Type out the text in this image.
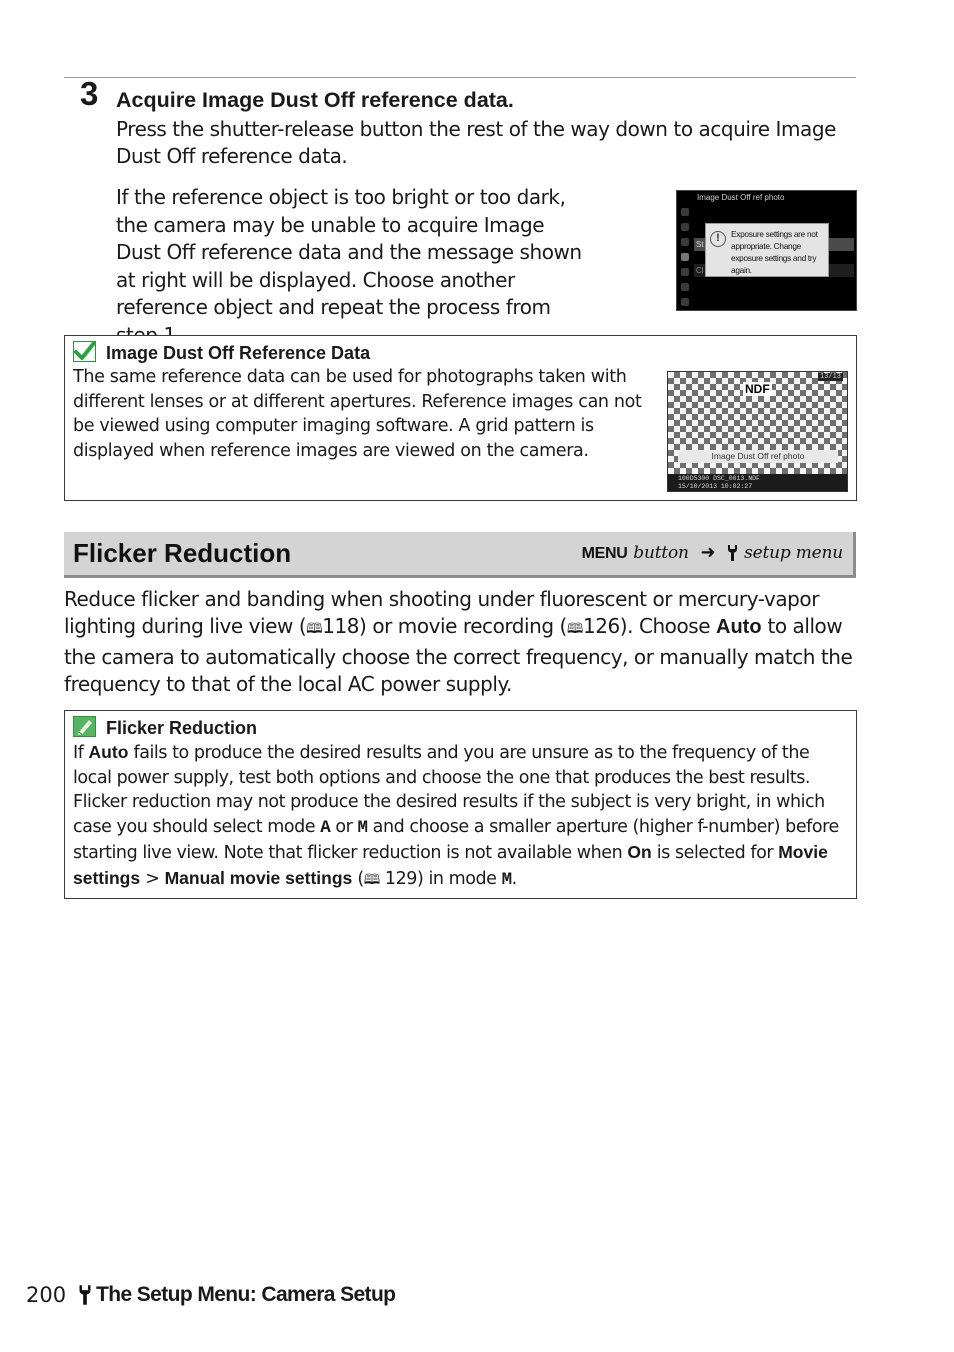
3 Acquire Image Dust Off reference data.
Press the shutter-release button the rest of the way down to acquire Image Dust Off reference data.
If the reference object is too bright or too dark, the camera may be unable to acquire Image Dust Off reference data and the message shown at right will be displayed. Choose another reference object and repeat the process from
Image Dust Off ref photo
St
Cl
!	Exposure settings are not appropriate. Change exposure settings and try again.
Image Dust Off Reference Data
The same reference data can be used for photographs taken with different lenses or at different apertures. Reference images can not be viewed using computer imaging software. A grid pattern is displayed when reference images are viewed on the camera.
13/13
NDF
Image Dust Off ref photo
100D5300 DSC_0013.NDF
15/10/2013 10:02:27
Flicker Reduction	MENU button ➜ setup menu
Reduce flicker and banding when shooting under fluorescent or mercury-vapor lighting during live view (🕮118) or movie recording (🕮126). Choose Auto to allow the camera to automatically choose the correct frequency, or manually match the frequency to that of the local AC power supply.
Flicker Reduction
If Auto fails to produce the desired results and you are unsure as to the frequency of the local power supply, test both options and choose the one that produces the best results. Flicker reduction may not produce the desired results if the subject is very bright, in which case you should select mode A or M and choose a smaller aperture (higher f-number) before starting live view. Note that flicker reduction is not available when On is selected for Movie settings > Manual movie settings (🕮 129) in mode M.
200 The Setup Menu: Camera Setup
